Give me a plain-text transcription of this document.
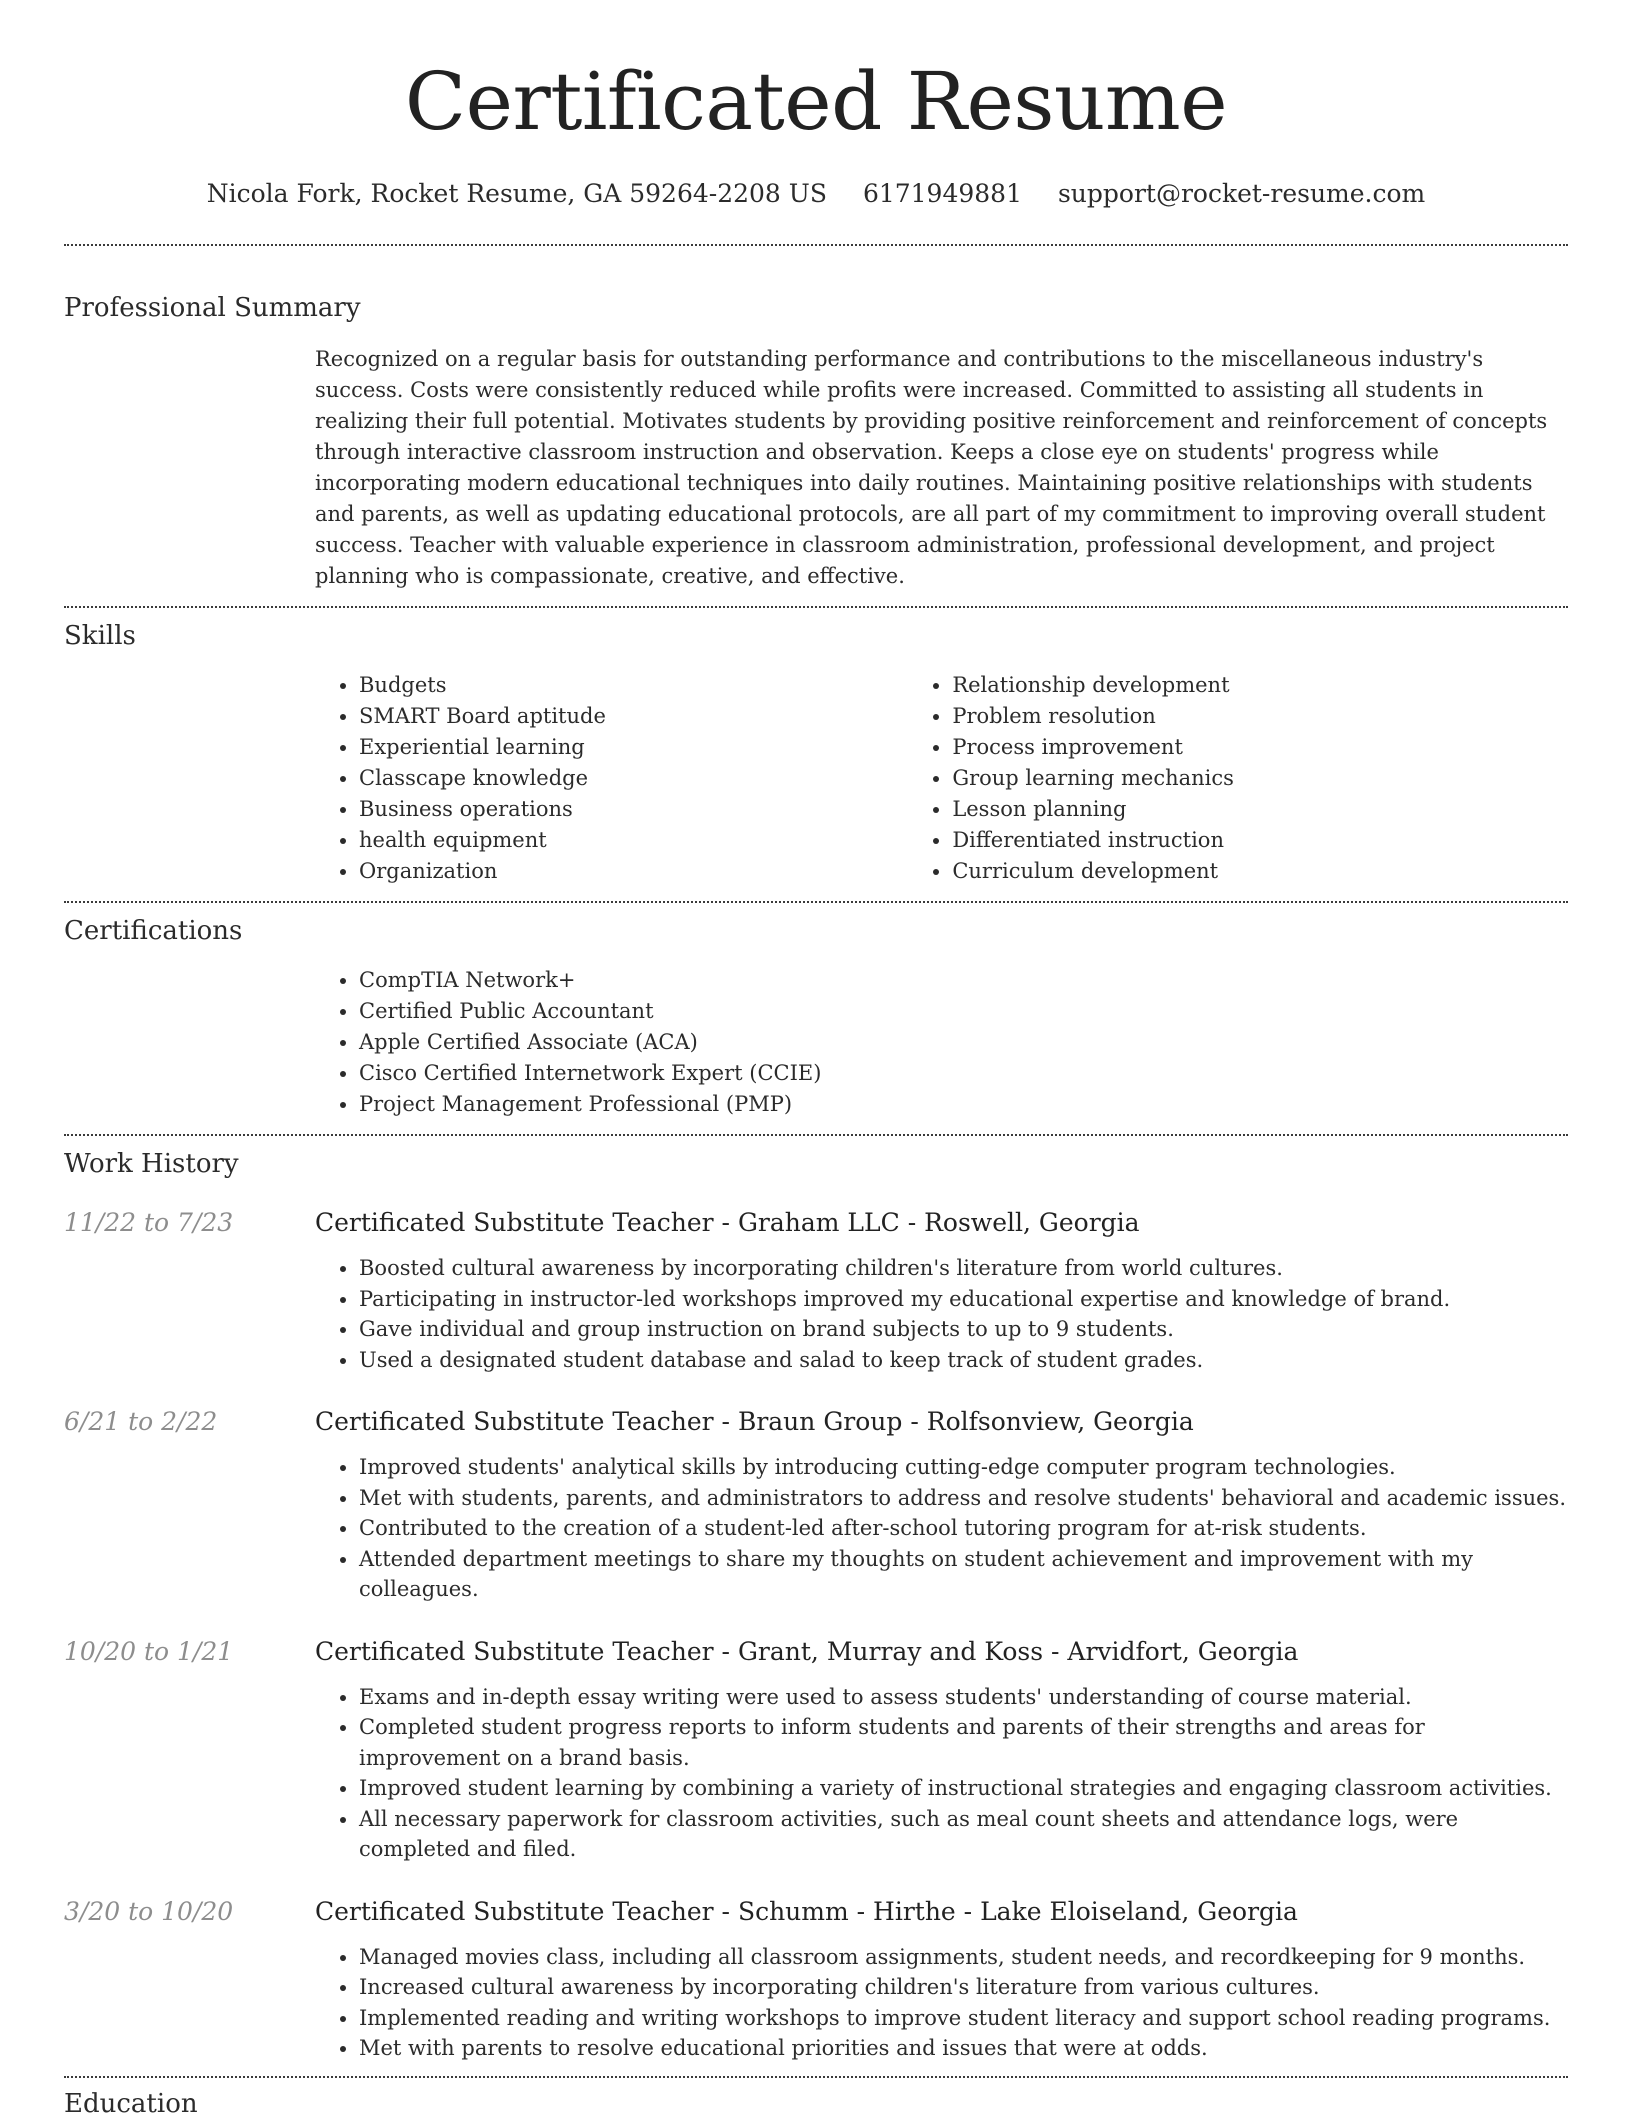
Certificated Resume
Nicola Fork, Rocket Resume, GA 59264-2208 US 6171949881 support@rocket-resume.com
Professional Summary
Recognized on a regular basis for outstanding performance and contributions to the miscellaneous industry's success. Costs were consistently reduced while profits were increased. Committed to assisting all students in realizing their full potential. Motivates students by providing positive reinforcement and reinforcement of concepts through interactive classroom instruction and observation. Keeps a close eye on students' progress while incorporating modern educational techniques into daily routines. Maintaining positive relationships with students and parents, as well as updating educational protocols, are all part of my commitment to improving overall student success. Teacher with valuable experience in classroom administration, professional development, and project planning who is compassionate, creative, and effective.
Skills
• Budgets
• SMART Board aptitude
• Experiential learning
• Classcape knowledge
• Business operations
• health equipment
• Organization
• Relationship development
• Problem resolution
• Process improvement
• Group learning mechanics
• Lesson planning
• Differentiated instruction
• Curriculum development
Certifications
• CompTIA Network+
• Certified Public Accountant
• Apple Certified Associate (ACA)
• Cisco Certified Internetwork Expert (CCIE)
• Project Management Professional (PMP)
Work History
11/22 to 7/23	Certificated Substitute Teacher - Graham LLC - Roswell, Georgia
• Boosted cultural awareness by incorporating children's literature from world cultures.
• Participating in instructor-led workshops improved my educational expertise and knowledge of brand.
• Gave individual and group instruction on brand subjects to up to 9 students.
• Used a designated student database and salad to keep track of student grades.
6/21 to 2/22	Certificated Substitute Teacher - Braun Group - Rolfsonview, Georgia
• Improved students' analytical skills by introducing cutting-edge computer program technologies.
• Met with students, parents, and administrators to address and resolve students' behavioral and academic issues.
• Contributed to the creation of a student-led after-school tutoring program for at-risk students.
• Attended department meetings to share my thoughts on student achievement and improvement with my colleagues.
10/20 to 1/21	Certificated Substitute Teacher - Grant, Murray and Koss - Arvidfort, Georgia
• Exams and in-depth essay writing were used to assess students' understanding of course material.
• Completed student progress reports to inform students and parents of their strengths and areas for improvement on a brand basis.
• Improved student learning by combining a variety of instructional strategies and engaging classroom activities.
• All necessary paperwork for classroom activities, such as meal count sheets and attendance logs, were completed and filed.
3/20 to 10/20	Certificated Substitute Teacher - Schumm - Hirthe - Lake Eloiseland, Georgia
• Managed movies class, including all classroom assignments, student needs, and recordkeeping for 9 months.
• Increased cultural awareness by incorporating children's literature from various cultures.
• Implemented reading and writing workshops to improve student literacy and support school reading programs.
• Met with parents to resolve educational priorities and issues that were at odds.
Education
